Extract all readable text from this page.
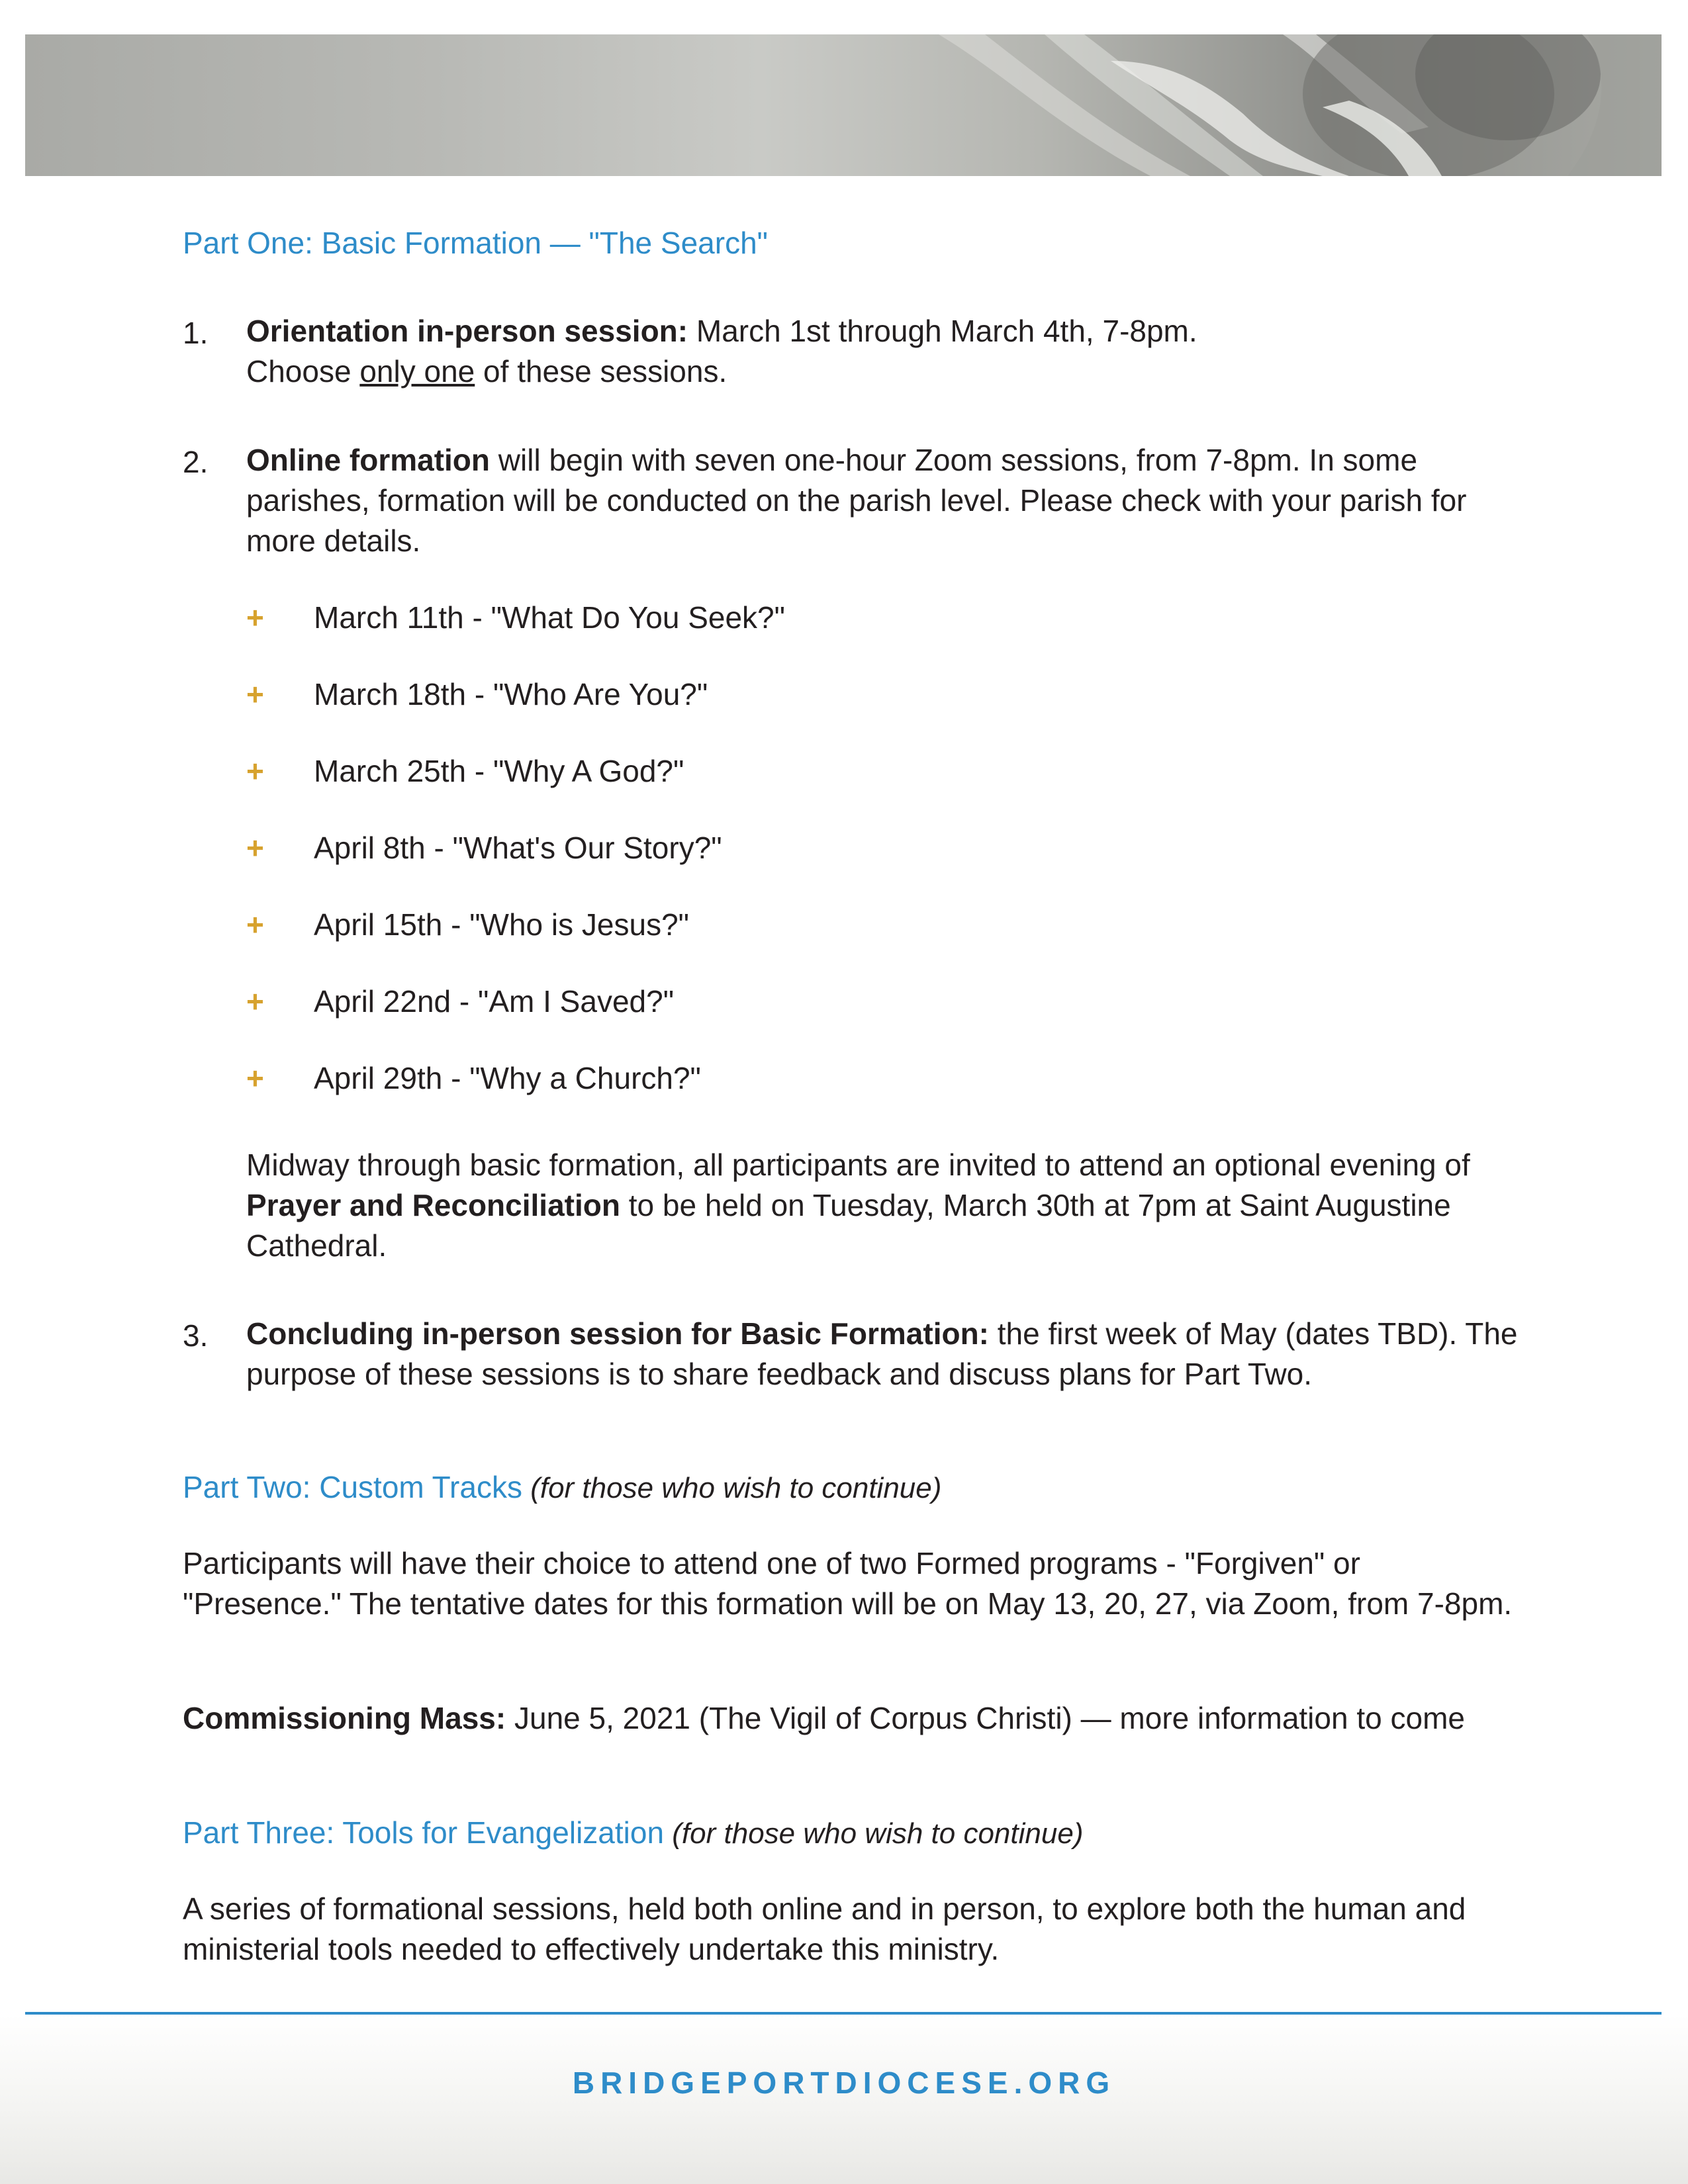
Part One: Basic Formation — "The Search"
1. Orientation in-person session: March 1st through March 4th, 7-8pm.
Choose only one of these sessions.
2. Online formation will begin with seven one-hour Zoom sessions, from 7-8pm. In some parishes, formation will be conducted on the parish level. Please check with your parish for more details.
+ March 11th - "What Do You Seek?"
+ March 18th - "Who Are You?"
+ March 25th - "Why A God?"
+ April 8th - "What's Our Story?"
+ April 15th - "Who is Jesus?"
+ April 22nd - "Am I Saved?"
+ April 29th - "Why a Church?"
Midway through basic formation, all participants are invited to attend an optional evening of Prayer and Reconciliation to be held on Tuesday, March 30th at 7pm at Saint Augustine Cathedral.
3. Concluding in-person session for Basic Formation: the first week of May (dates TBD). The purpose of these sessions is to share feedback and discuss plans for Part Two.
Part Two: Custom Tracks (for those who wish to continue)
Participants will have their choice to attend one of two Formed programs - "Forgiven" or "Presence." The tentative dates for this formation will be on May 13, 20, 27, via Zoom, from 7-8pm.
Commissioning Mass: June 5, 2021 (The Vigil of Corpus Christi) — more information to come
Part Three: Tools for Evangelization (for those who wish to continue)
A series of formational sessions, held both online and in person, to explore both the human and ministerial tools needed to effectively undertake this ministry.
BRIDGEPORTDIOCESE.ORG
